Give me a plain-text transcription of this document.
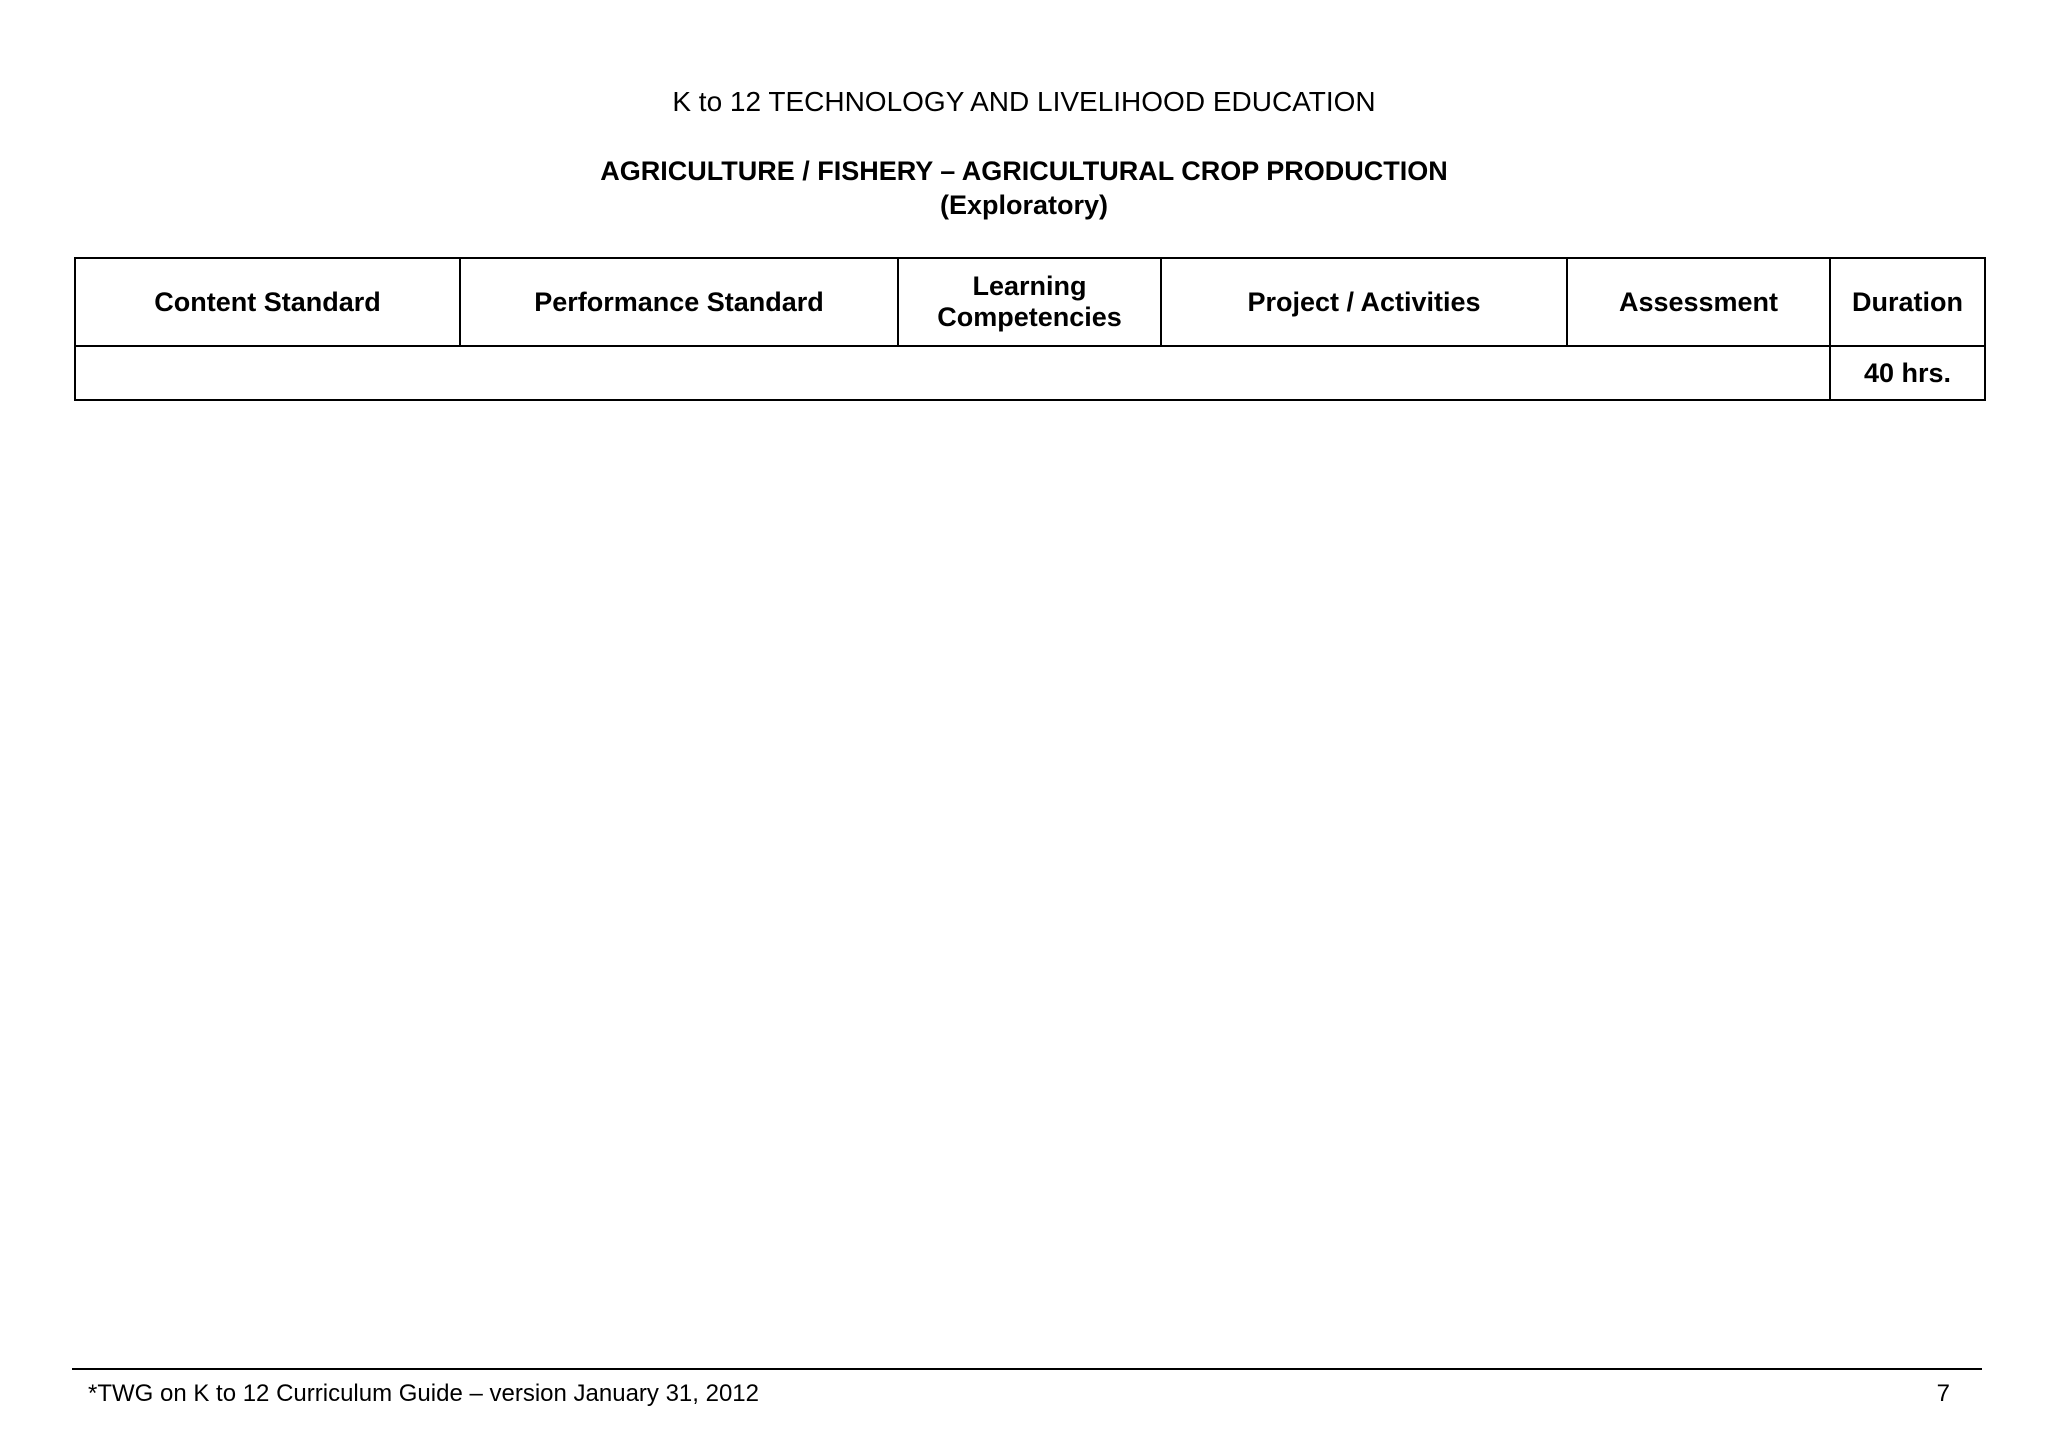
K to 12 TECHNOLOGY AND LIVELIHOOD EDUCATION
AGRICULTURE / FISHERY – AGRICULTURAL CROP PRODUCTION
(Exploratory)
Content Standard	Performance Standard	Learning Competencies	Project / Activities	Assessment	Duration
					40 hrs.
*TWG on K to 12 Curriculum Guide – version January 31, 2012	7
